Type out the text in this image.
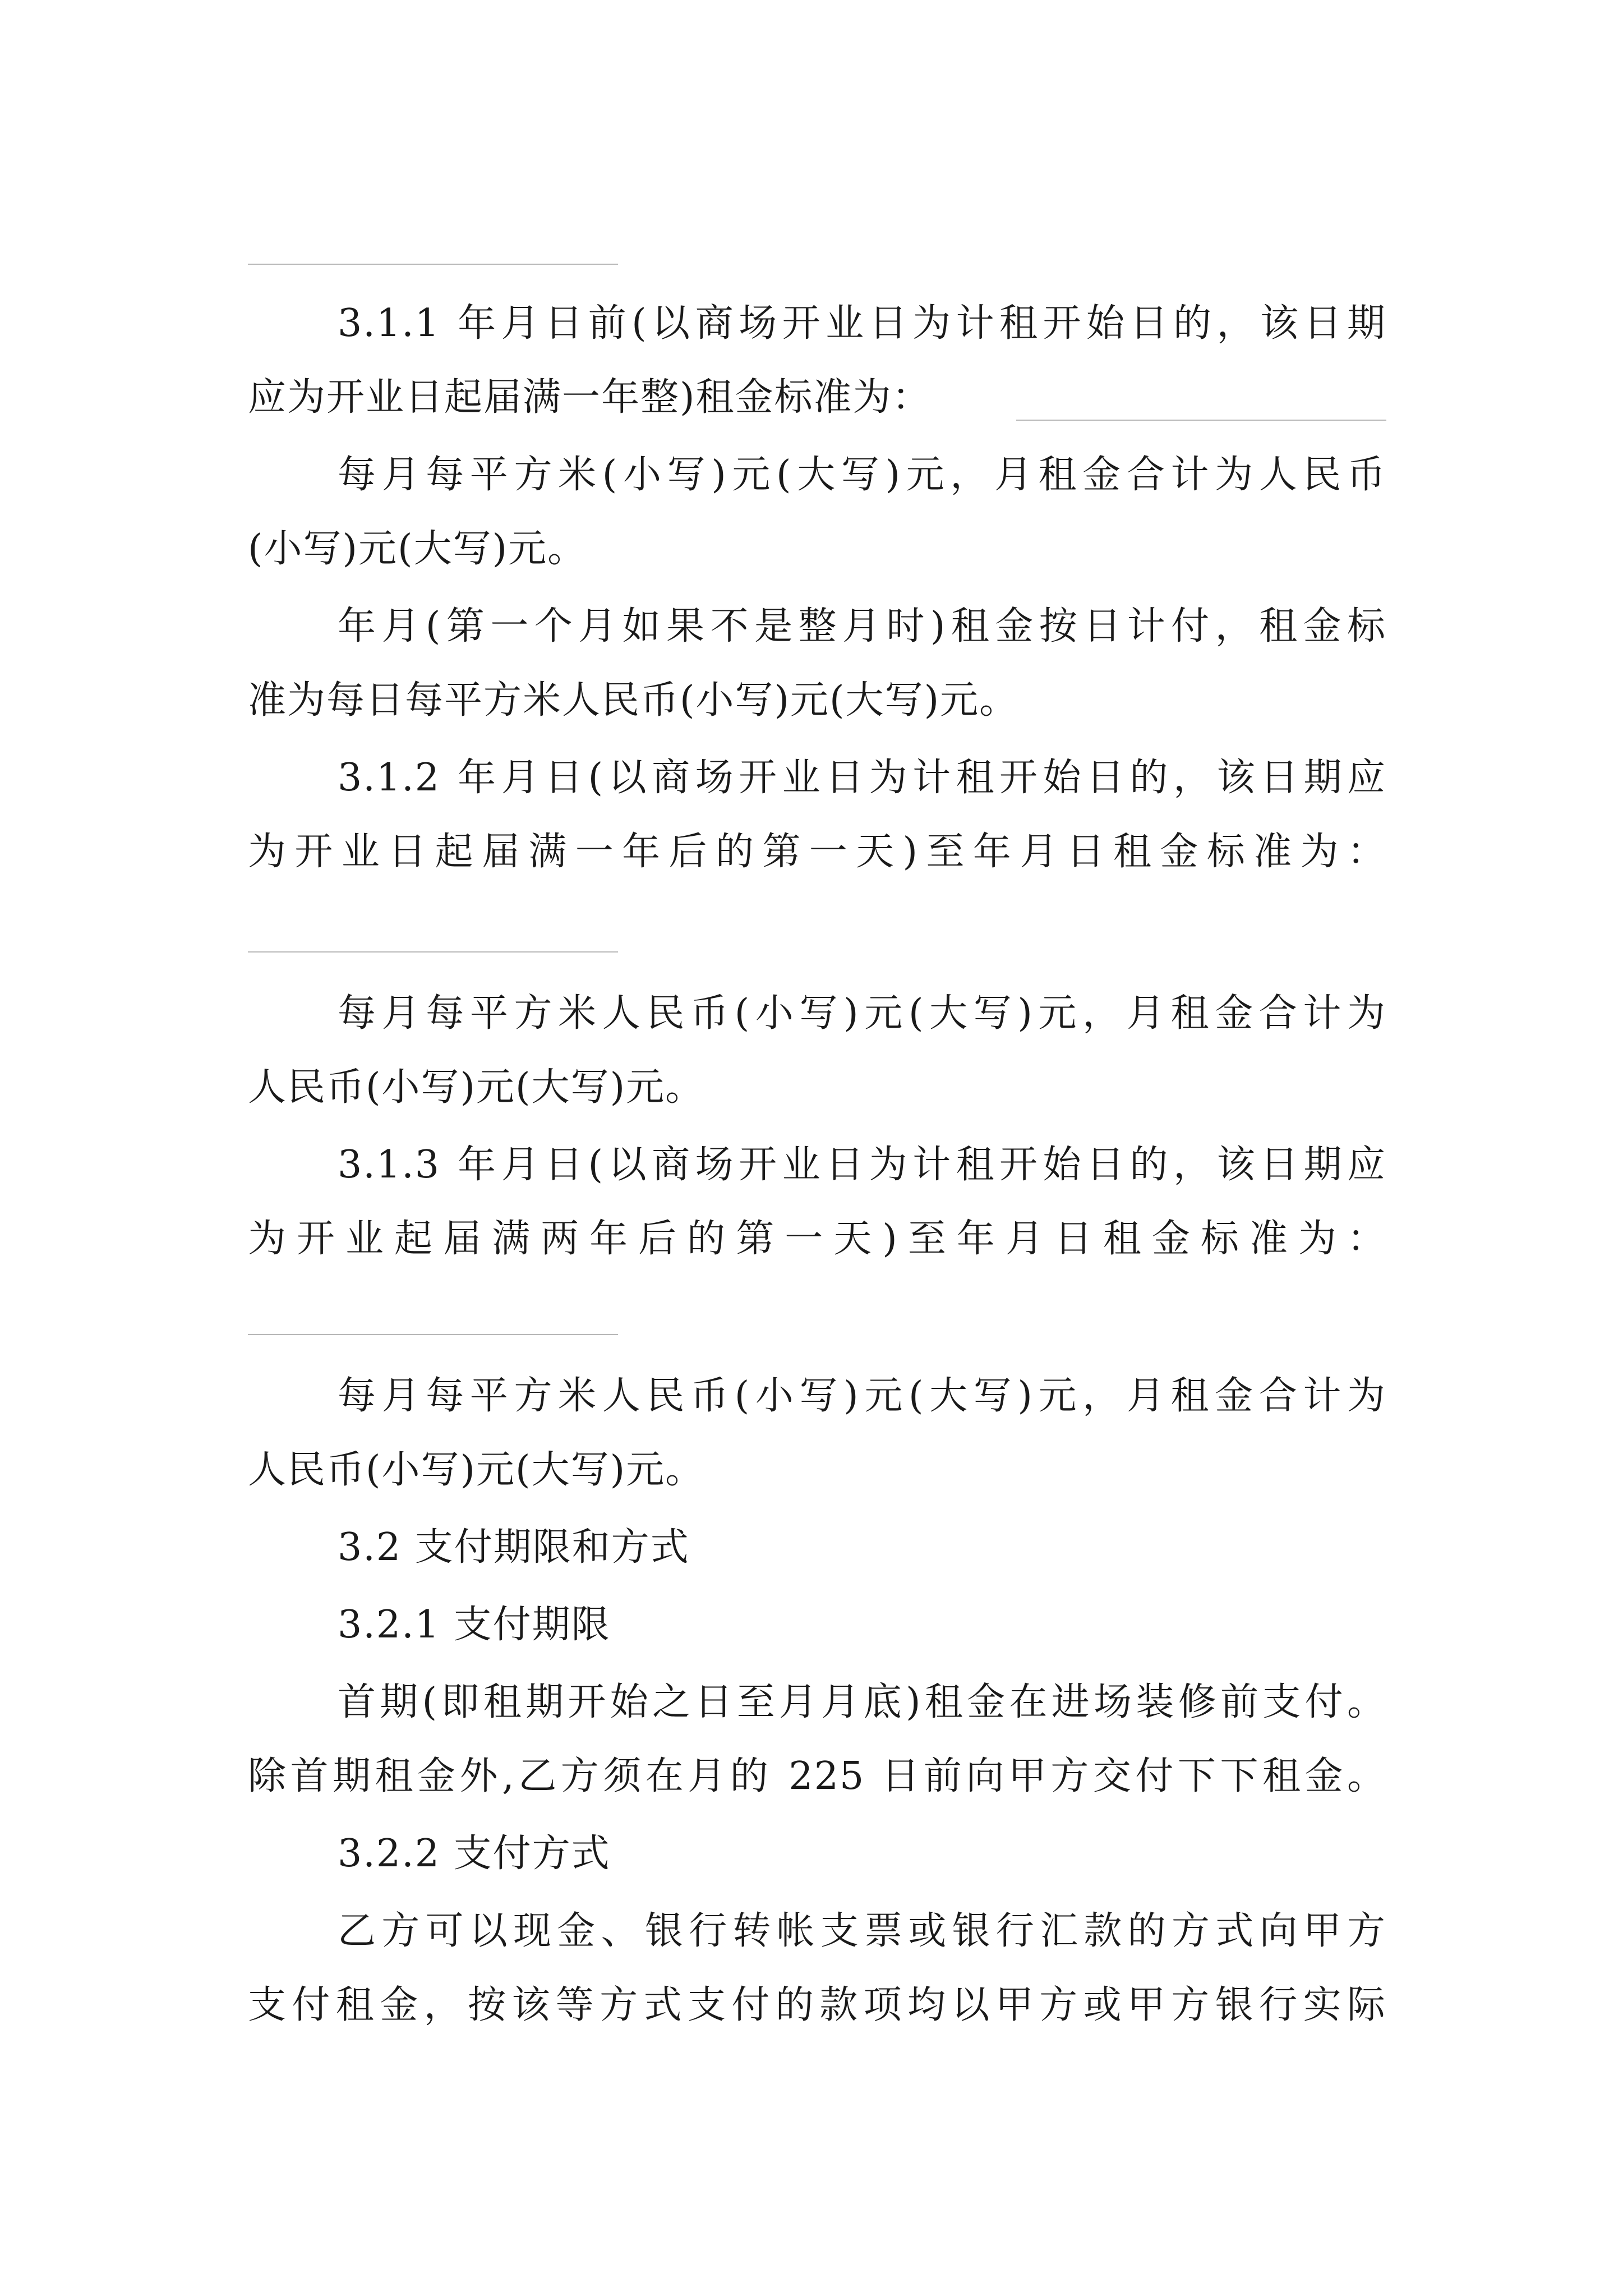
3.1.1 年月日前(以商场开业日为计租开始日的，该日期
应为开业日起届满一年整)租金标准为：
每月每平方米(小写)元(大写)元，月租金合计为人民币
(小写)元(大写)元。
年月(第一个月如果不是整月时)租金按日计付，租金标
准为每日每平方米人民币(小写)元(大写)元。
3.1.2 年月日(以商场开业日为计租开始日的，该日期应
为开业日起届满一年后的第一天)至年月日租金标准为：
每月每平方米人民币(小写)元(大写)元，月租金合计为
人民币(小写)元(大写)元。
3.1.3 年月日(以商场开业日为计租开始日的，该日期应
为开业起届满两年后的第一天)至年月日租金标准为：
每月每平方米人民币(小写)元(大写)元，月租金合计为
人民币(小写)元(大写)元。
3.2 支付期限和方式
3.2.1 支付期限
首期(即租期开始之日至月月底)租金在进场装修前支付。
除首期租金外,乙方须在月的 225 日前向甲方交付下下租金。
3.2.2 支付方式
乙方可以现金、银行转帐支票或银行汇款的方式向甲方
支付租金，按该等方式支付的款项均以甲方或甲方银行实际
